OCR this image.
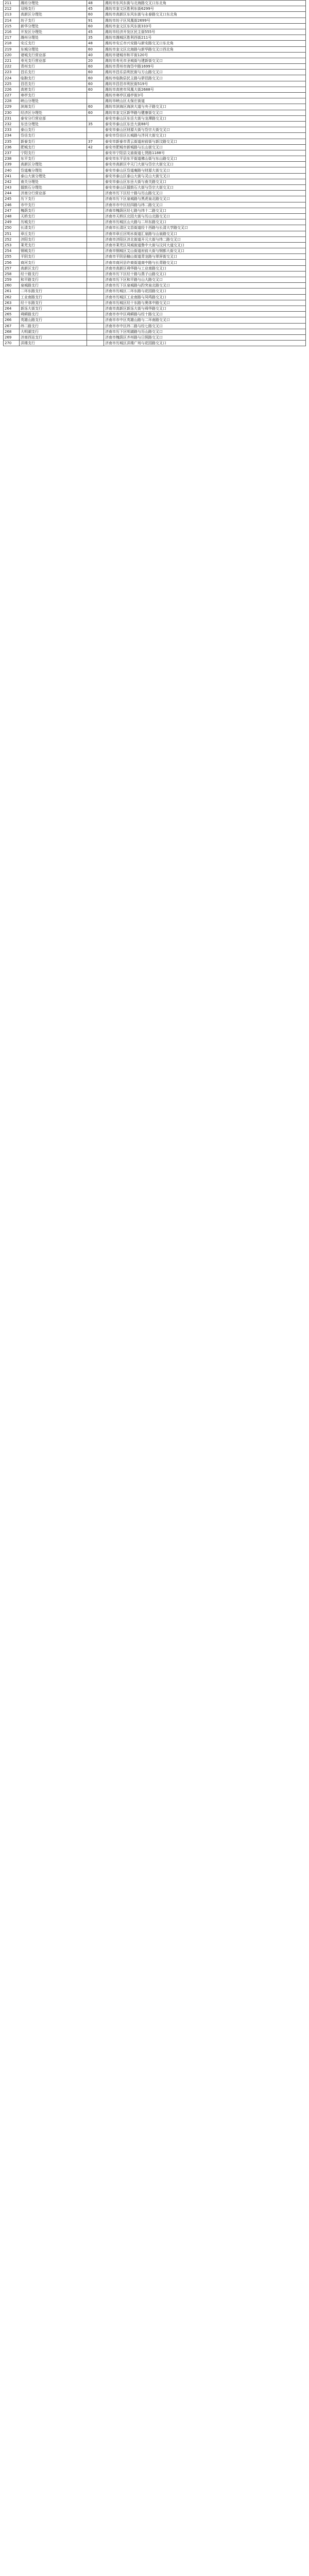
211	潍坊分理处	48	潍坊市东风东街与北海路交叉口东北角
212	双杨支行	45	潍坊市奎文区胜利东街6299号
213	高新区分理处	60	潍坊市高新区东风东街与永春路交叉口东北角
214	坊子支行	91	潍坊市坊子区凤凰街2699号
215	新华分理处	60	潍坊市奎文区东风东街333号
216	开发区分理处	45	潍坊市经济开发区民主街555号
217	潍州分理处	35	潍坊市潍城区胜利西街211号
218	安丘支行	48	潍坊市安丘市兴安路与新安路交叉口东北角
219	东城分理处	60	潍坊市奎文区北海路与新华路交叉口西北角
220	诸城支行营业部	40	潍坊市诸城市和平街120号
221	寿光支行营业部	20	潍坊市寿光市圣城街与建新街交叉口
222	青州支行	60	潍坊市青州市海岱中路1699号
223	昌乐支行	60	潍坊市昌乐县利民街与方山路交叉口
224	临朐支行	60	潍坊市临朐县民主路与骈邑路交叉口
225	昌邑支行	60	潍坊市昌邑市利民街519号
226	高密支行	60	潍坊市高密市凤凰大街2688号
227	寒亭支行		潍坊市寒亭区通亭街3号
228	峡山分理处		潍坊市峡山区太保庄街道
229	滨海支行	60	潍坊市滨海区海滨大道与央子路交叉口
230	经济区分理处	60	潍坊市奎文区新华路与健康街交叉口
231	泰安分行营业部		泰安市泰山区东岳大街与龙潭路交叉口
232	东岳分理处	35	泰安市泰山区东岳大街88号
233	泰山支行		泰安市泰山区财源大街与岱宗大街交叉口
234	岱岳支行		泰安市岱岳区长城路与泮河大街交叉口
235	新泰支行	37	泰安市新泰市青云街道府前街与新汶路交叉口
236	肥城支行	42	泰安市肥城市新城路与长山街交叉口
237	宁阳支行		泰安市宁阳县文庙街道七贤路1188号
238	东平支行		泰安市东平县东平街道佛山街与东山路交叉口
239	高新区分理处		泰安市高新区中天门大街与岱宗大街交叉口
240	岱道庵分理处		泰安市泰山区岱道庵路与财源大街交叉口
241	泰山大街分理处		泰安市泰山区泰山大街与灵山大街交叉口
242	南关分理处		泰安市泰山区东岳大街与南关路交叉口
243	擂鼓石分理处		泰安市泰山区擂鼓石大街与岱宗大街交叉口
244	济南分行营业部		济南市历下区经十路与历山路交叉口
245	历下支行		济南市历下区泉城路与黑虎泉北路交叉口
246	市中支行		济南市市中区经四路与纬二路交叉口
247	槐荫支行		济南市槐荫区经七路与纬十二路交叉口
248	天桥支行		济南市天桥区北园大街与历山北路交叉口
249	历城支行		济南市历城区山大路与二环东路交叉口
250	长清支行		济南市长清区文昌街道经十西路与长清大学路交叉口
251	章丘支行		济南市章丘区明水街道汇泉路与山泉路交叉口
252	济阳支行		济南市济阳区济北街道开元大街与纬二路交叉口
253	莱芜支行		济南市莱芜区凤城街道鲁中大街与汶河大道交叉口
254	钢城支行		济南市钢城区艾山街道府前大街与钢都大街交叉口
255	平阴支行		济南市平阴县榆山街道青龙路与翠屏街交叉口
256	商河支行		济南市商河县许商街道商中路与长青路交叉口
257	高新区支行		济南市高新区舜华路与工业南路交叉口
258	经十路支行		济南市历下区经十路与燕子山路交叉口
259	和平路支行		济南市历下区和平路与山大路交叉口
260	泉城路支行		济南市历下区泉城路与趵突泉北路交叉口
261	二环东路支行		济南市历城区二环东路与花园路交叉口
262	工业南路支行		济南市历城区工业南路与凤鸣路交叉口
263	经十东路支行		济南市历城区经十东路与奥体中路交叉口
264	新泺大街支行		济南市高新区新泺大街与舜华路交叉口
265	舜耕路支行		济南市市中区舜耕路与经十路交叉口
266	英雄山路支行		济南市市中区英雄山路与二环南路交叉口
267	纬二路支行		济南市市中区纬二路与经七路交叉口
268	大明湖支行		济南市历下区明湖路与历山路交叉口
269	济南西站支行		济南市槐荫区齐州路与日照路交叉口
270	洪楼支行		济南市历城区洪楼广场与花园路交叉口
